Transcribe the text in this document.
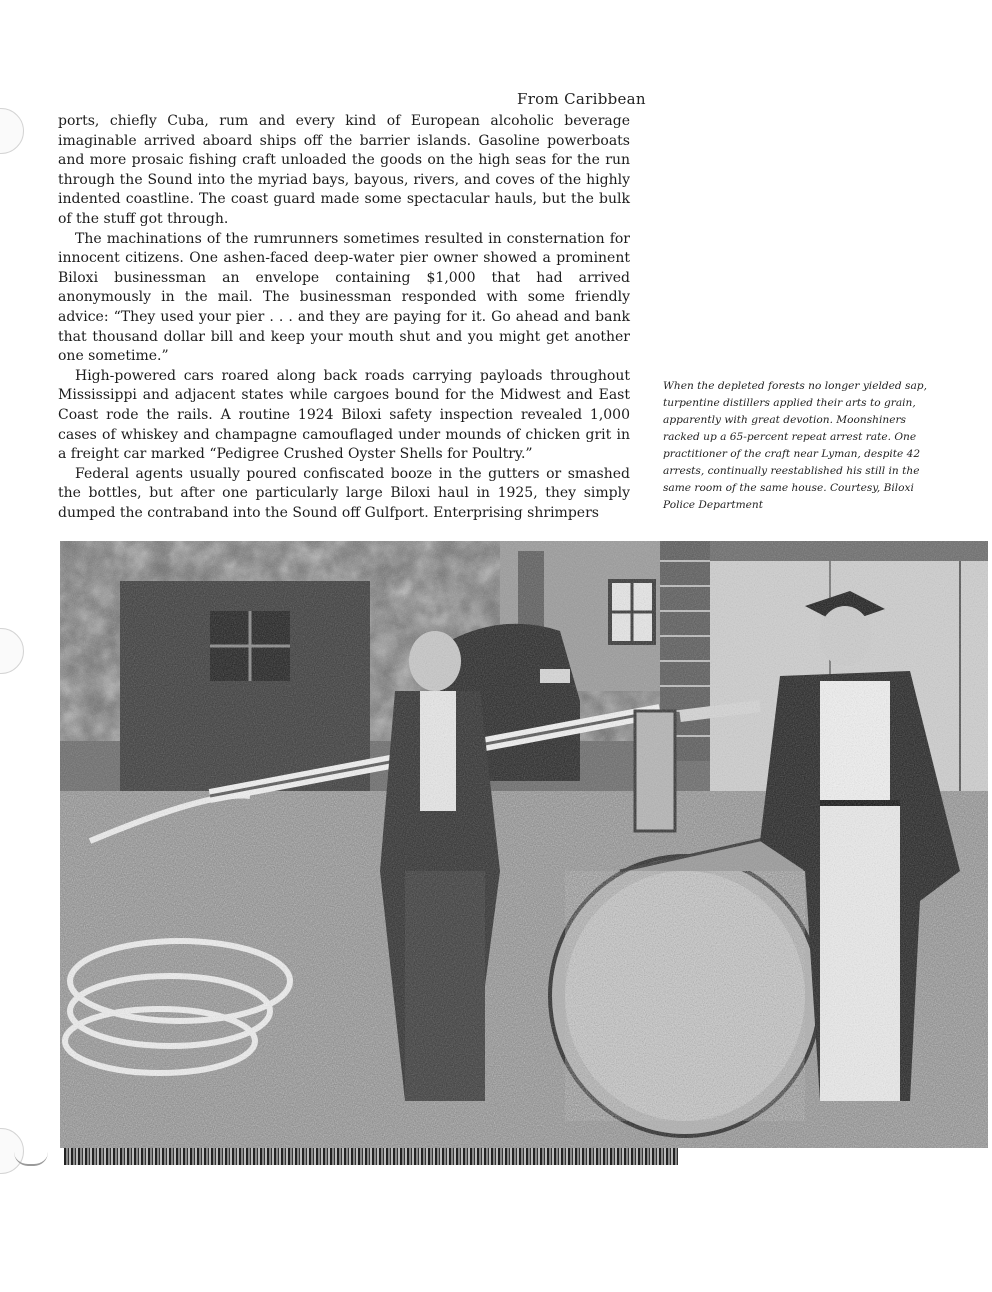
From Caribbean

ports, chiefly Cuba, rum and every kind of European alcoholic beverage imaginable arrived aboard ships off the barrier islands. Gasoline powerboats and more prosaic fishing craft unloaded the goods on the high seas for the run through the Sound into the myriad bays, bayous, rivers, and coves of the highly indented coastline. The coast guard made some spectacular hauls, but the bulk of the stuff got through.

The machinations of the rumrunners sometimes resulted in consternation for innocent citizens. One ashen-faced deep-water pier owner showed a prominent Biloxi businessman an envelope containing $1,000 that had arrived anonymously in the mail. The businessman responded with some friendly advice: “They used your pier . . . and they are paying for it. Go ahead and bank that thousand dollar bill and keep your mouth shut and you might get another one sometime.”

High-powered cars roared along back roads carrying payloads throughout Mississippi and adjacent states while cargoes bound for the Midwest and East Coast rode the rails. A routine 1924 Biloxi safety inspection revealed 1,000 cases of whiskey and champagne camouflaged under mounds of chicken grit in a freight car marked “Pedigree Crushed Oyster Shells for Poultry.”

Federal agents usually poured confiscated booze in the gutters or smashed the bottles, but after one particularly large Biloxi haul in 1925, they simply dumped the contraband into the Sound off Gulfport. Enterprising shrimpers

When the depleted forests no longer yielded sap, turpentine distillers applied their arts to grain, apparently with great devotion. Moonshiners racked up a 65-percent repeat arrest rate. One practitioner of the craft near Lyman, despite 42 arrests, continually reestablished his still in the same room of the same house. Courtesy, Biloxi Police Department
